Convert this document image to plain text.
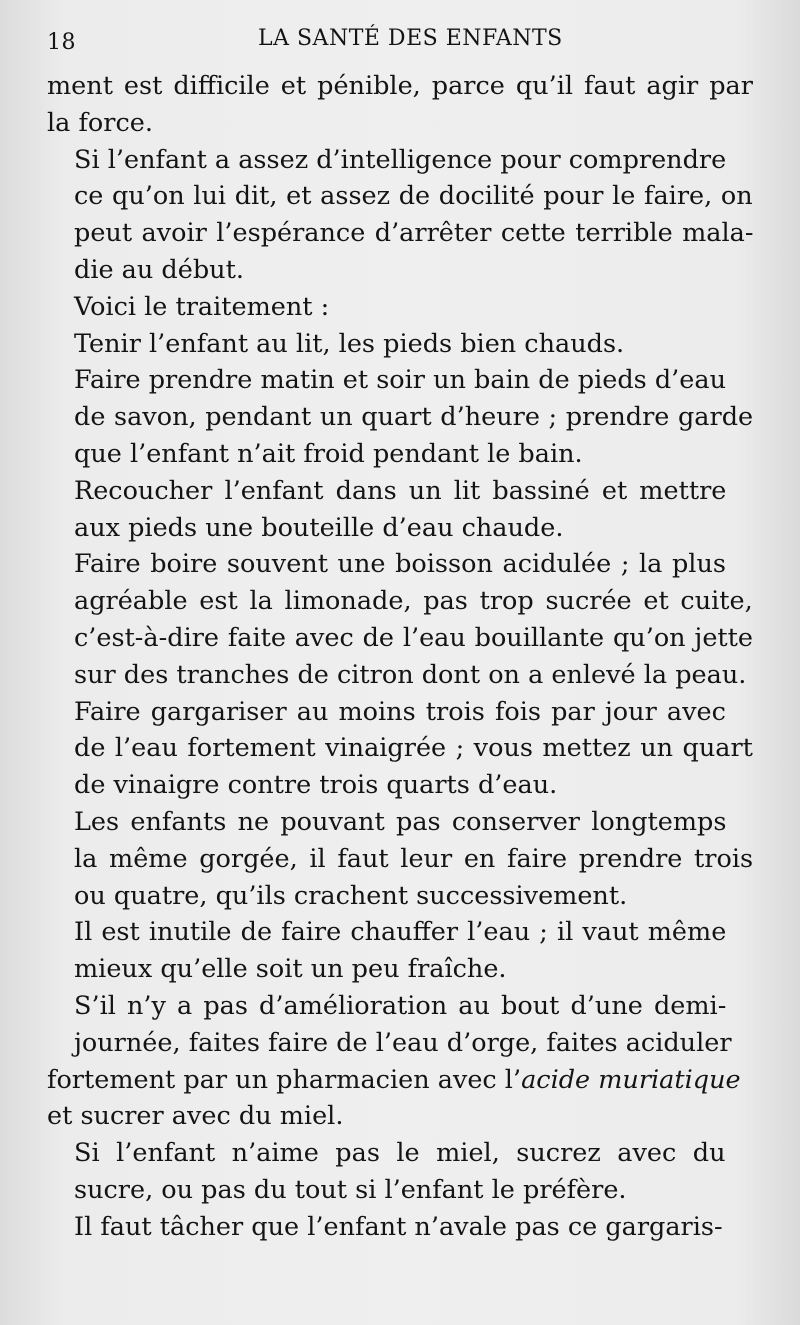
18	LA SANTÉ DES ENFANTS

ment est difficile et pénible, parce qu’il faut agir par
la force.

Si l’enfant a assez d’intelligence pour comprendre
ce qu’on lui dit, et assez de docilité pour le faire, on
peut avoir l’espérance d’arrêter cette terrible mala-
die au début.

Voici le traitement :

Tenir l’enfant au lit, les pieds bien chauds.

Faire prendre matin et soir un bain de pieds d’eau
de savon, pendant un quart d’heure ; prendre garde
que l’enfant n’ait froid pendant le bain.

Recoucher l’enfant dans un lit bassiné et mettre
aux pieds une bouteille d’eau chaude.

Faire boire souvent une boisson acidulée ; la plus
agréable est la limonade, pas trop sucrée et cuite,
c’est-à-dire faite avec de l’eau bouillante qu’on jette
sur des tranches de citron dont on a enlevé la peau.

Faire gargariser au moins trois fois par jour avec
de l’eau fortement vinaigrée ; vous mettez un quart
de vinaigre contre trois quarts d’eau.

Les enfants ne pouvant pas conserver longtemps
la même gorgée, il faut leur en faire prendre trois
ou quatre, qu’ils crachent successivement.

Il est inutile de faire chauffer l’eau ; il vaut même
mieux qu’elle soit un peu fraîche.

S’il n’y a pas d’amélioration au bout d’une demi-
journée, faites faire de l’eau d’orge, faites aciduler

fortement par un pharmacien avec l’acide muriatique

et sucrer avec du miel.

Si l’enfant n’aime pas le miel, sucrez avec du
sucre, ou pas du tout si l’enfant le préfère.

Il faut tâcher que l’enfant n’avale pas ce gargaris-
